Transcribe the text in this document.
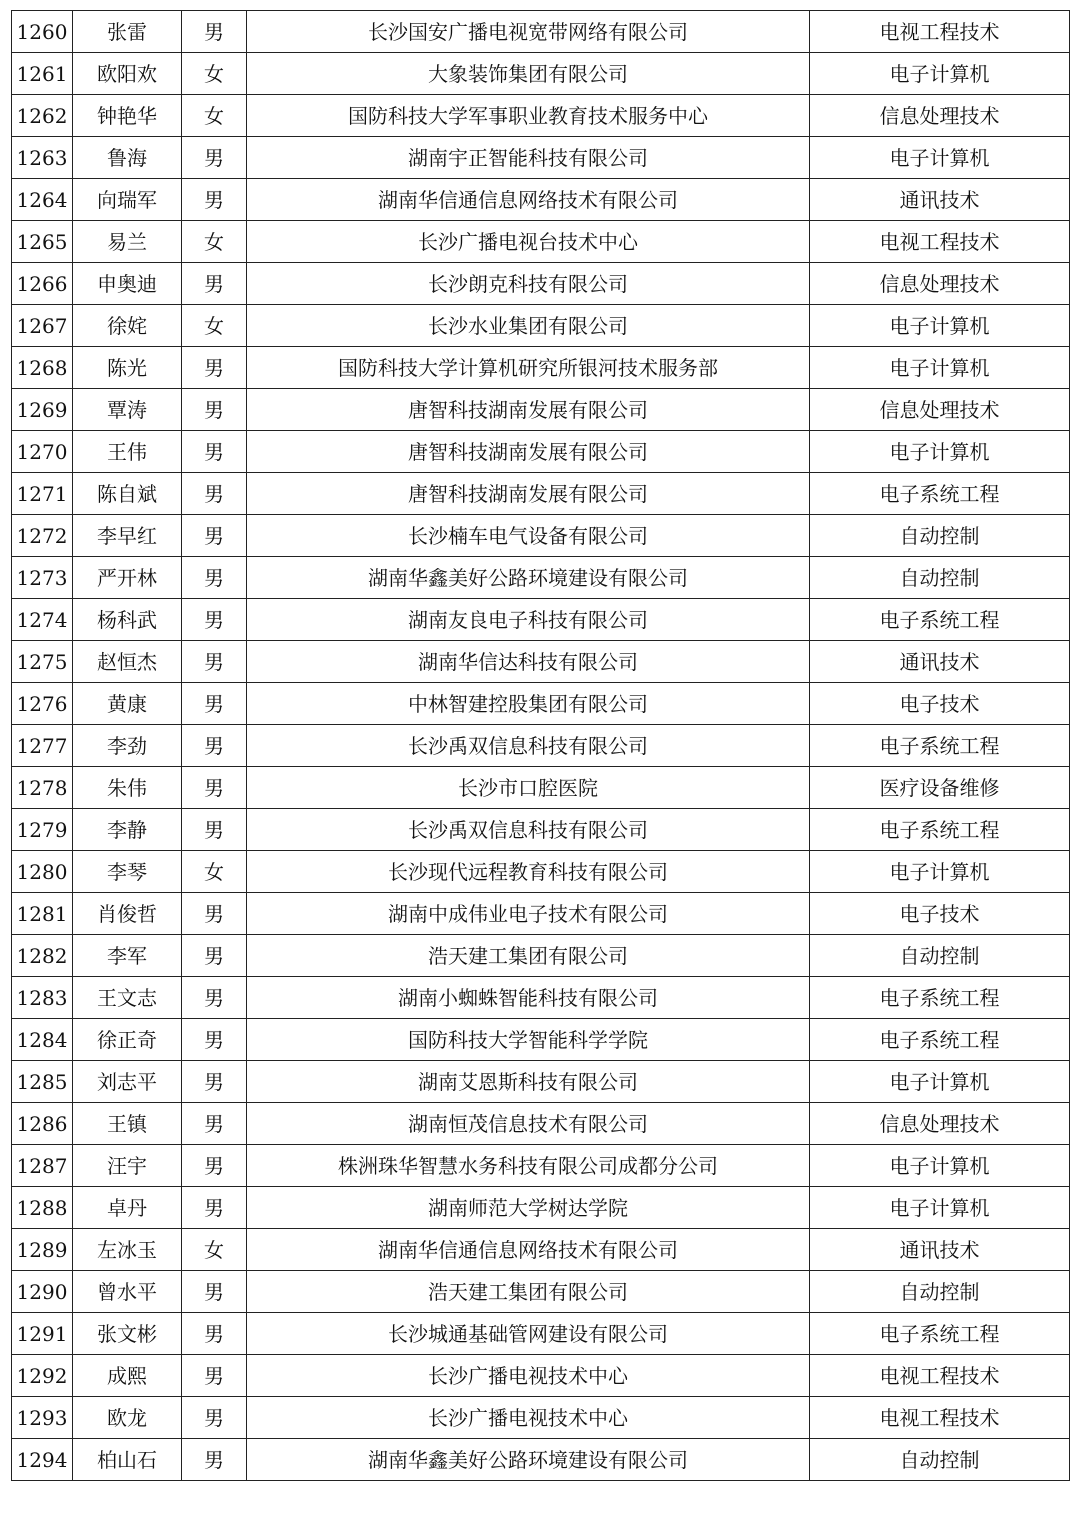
1260	张雷	男	长沙国安广播电视宽带网络有限公司	电视工程技术
1261	欧阳欢	女	大象装饰集团有限公司	电子计算机
1262	钟艳华	女	国防科技大学军事职业教育技术服务中心	信息处理技术
1263	鲁海	男	湖南宇正智能科技有限公司	电子计算机
1264	向瑞军	男	湖南华信通信息网络技术有限公司	通讯技术
1265	易兰	女	长沙广播电视台技术中心	电视工程技术
1266	申奥迪	男	长沙朗克科技有限公司	信息处理技术
1267	徐姹	女	长沙水业集团有限公司	电子计算机
1268	陈光	男	国防科技大学计算机研究所银河技术服务部	电子计算机
1269	覃涛	男	唐智科技湖南发展有限公司	信息处理技术
1270	王伟	男	唐智科技湖南发展有限公司	电子计算机
1271	陈自斌	男	唐智科技湖南发展有限公司	电子系统工程
1272	李早红	男	长沙楠车电气设备有限公司	自动控制
1273	严开林	男	湖南华鑫美好公路环境建设有限公司	自动控制
1274	杨科武	男	湖南友良电子科技有限公司	电子系统工程
1275	赵恒杰	男	湖南华信达科技有限公司	通讯技术
1276	黄康	男	中林智建控股集团有限公司	电子技术
1277	李劲	男	长沙禹双信息科技有限公司	电子系统工程
1278	朱伟	男	长沙市口腔医院	医疗设备维修
1279	李静	男	长沙禹双信息科技有限公司	电子系统工程
1280	李琴	女	长沙现代远程教育科技有限公司	电子计算机
1281	肖俊哲	男	湖南中成伟业电子技术有限公司	电子技术
1282	李军	男	浩天建工集团有限公司	自动控制
1283	王文志	男	湖南小蜘蛛智能科技有限公司	电子系统工程
1284	徐正奇	男	国防科技大学智能科学学院	电子系统工程
1285	刘志平	男	湖南艾恩斯科技有限公司	电子计算机
1286	王镇	男	湖南恒茂信息技术有限公司	信息处理技术
1287	汪宇	男	株洲珠华智慧水务科技有限公司成都分公司	电子计算机
1288	卓丹	男	湖南师范大学树达学院	电子计算机
1289	左冰玉	女	湖南华信通信息网络技术有限公司	通讯技术
1290	曾水平	男	浩天建工集团有限公司	自动控制
1291	张文彬	男	长沙城通基础管网建设有限公司	电子系统工程
1292	成熙	男	长沙广播电视技术中心	电视工程技术
1293	欧龙	男	长沙广播电视技术中心	电视工程技术
1294	柏山石	男	湖南华鑫美好公路环境建设有限公司	自动控制
